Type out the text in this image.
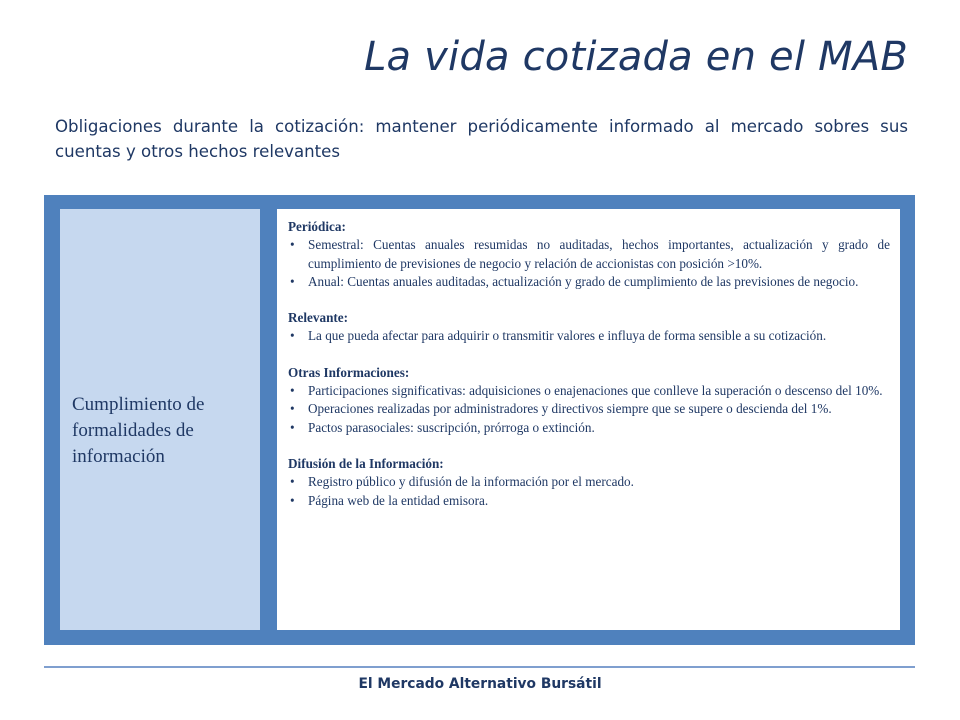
La vida cotizada en el MAB
Obligaciones durante la cotización: mantener periódicamente informado al mercado sobres sus cuentas y otros hechos relevantes
Cumplimiento de formalidades de información
Periódica:
• Semestral: Cuentas anuales resumidas no auditadas, hechos importantes, actualización y grado de cumplimiento de previsiones de negocio y relación de accionistas con posición >10%.
• Anual: Cuentas anuales auditadas, actualización y grado de cumplimiento de las previsiones de negocio.
Relevante:
• La que pueda afectar para adquirir o transmitir valores e influya de forma sensible a su cotización.
Otras Informaciones:
• Participaciones significativas: adquisiciones o enajenaciones que conlleve la superación o descenso del 10%.
• Operaciones realizadas por administradores y directivos siempre que se supere o descienda del 1%.
• Pactos parasociales: suscripción, prórroga o extinción.
Difusión de la Información:
• Registro público y difusión de la información por el mercado.
• Página web de la entidad emisora.
El Mercado Alternativo Bursátil
